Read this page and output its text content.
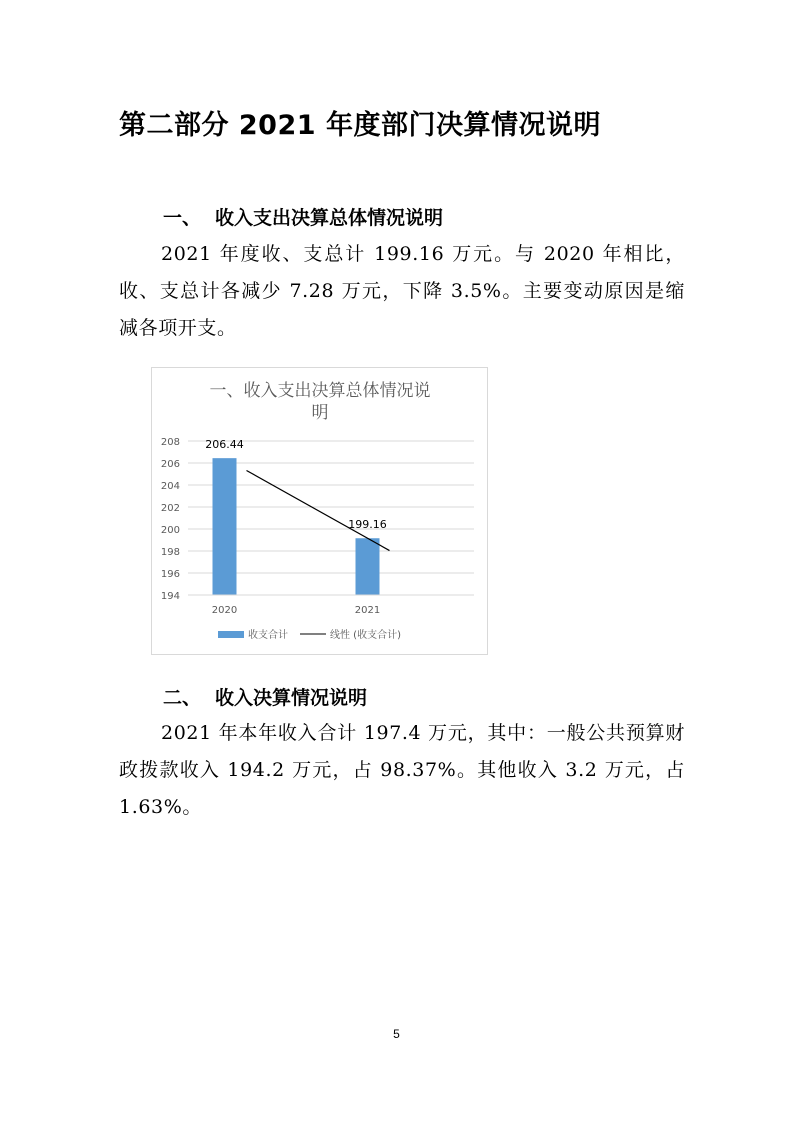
第二部分 2021 年度部门决算情况说明
一、 收入支出决算总体情况说明
2021 年度收、支总计 199.16 万元。与 2020 年相比，收、支总计各减少 7.28 万元，下降 3.5%。主要变动原因是缩减各项开支。
一、收入支出决算总体情况说
明
206.44
199.16
194
196
198
200
202
204
206
208
2020	2021
收支合计	线性 (收支合计)
二、 收入决算情况说明
2021 年本年收入合计 197.4 万元，其中：一般公共预算财政拨款收入 194.2 万元，占 98.37%。其他收入 3.2 万元，占 1.63%。
5
